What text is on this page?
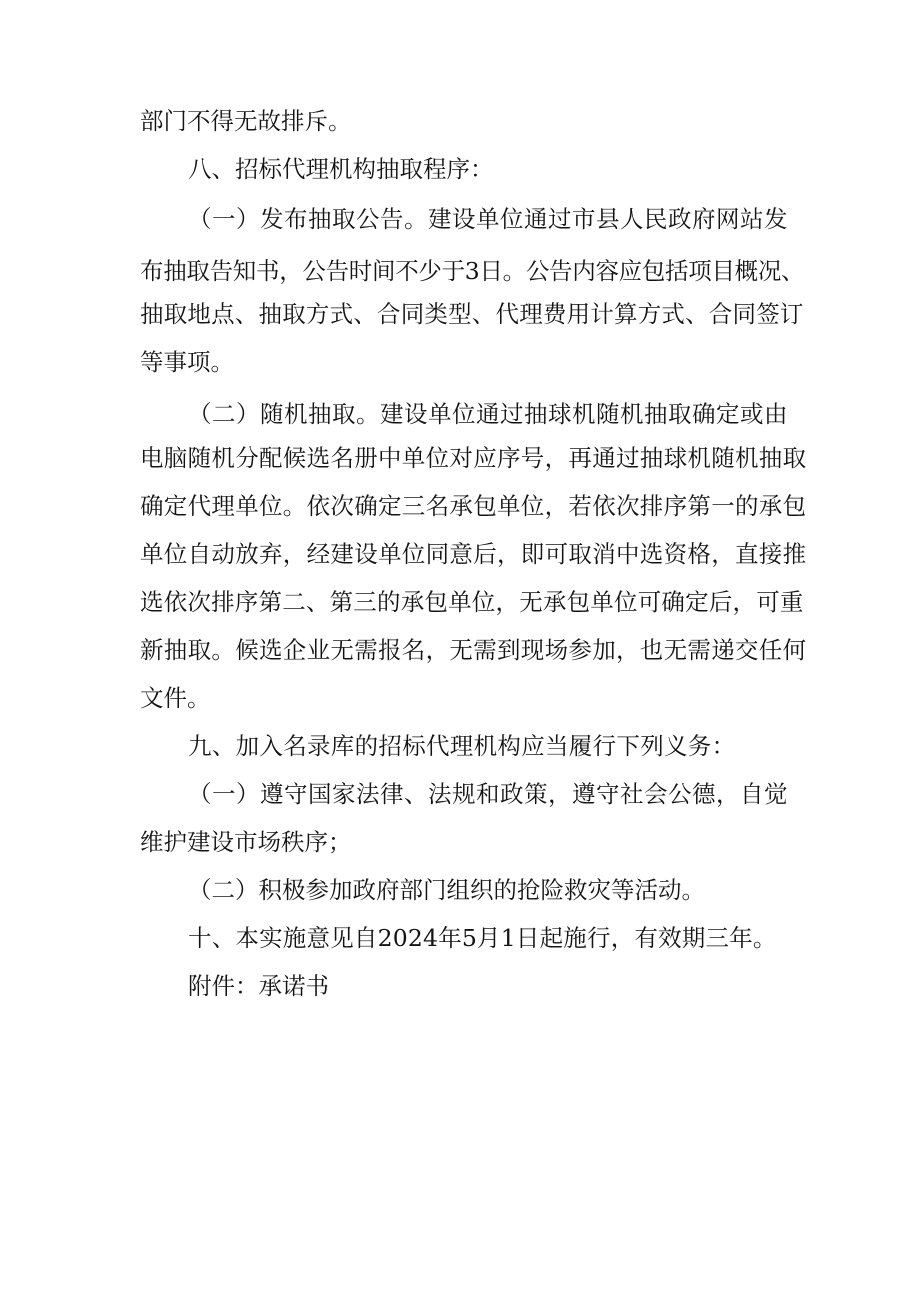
部门不得无故排斥。

八、招标代理机构抽取程序：

（一）发布抽取公告。建设单位通过市县人民政府网站发

布抽取告知书，公告时间不少于3日。公告内容应包括项目概况、

抽取地点、抽取方式、合同类型、代理费用计算方式、合同签订

等事项。

（二）随机抽取。建设单位通过抽球机随机抽取确定或由

电脑随机分配候选名册中单位对应序号，再通过抽球机随机抽取

确定代理单位。依次确定三名承包单位，若依次排序第一的承包

单位自动放弃，经建设单位同意后，即可取消中选资格，直接推

选依次排序第二、第三的承包单位，无承包单位可确定后，可重

新抽取。候选企业无需报名，无需到现场参加，也无需递交任何

文件。

九、加入名录库的招标代理机构应当履行下列义务：

（一）遵守国家法律、法规和政策，遵守社会公德，自觉

维护建设市场秩序；

（二）积极参加政府部门组织的抢险救灾等活动。

十、本实施意见自2024年5月1日起施行，有效期三年。

附件：承诺书
